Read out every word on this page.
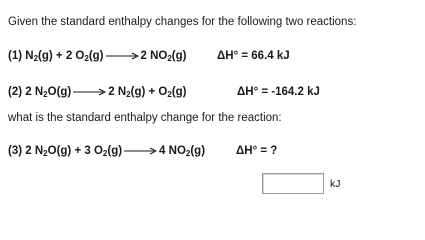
Given the standard enthalpy changes for the following two reactions:
(1) $N_2(g) + 2$ $O_2(g) \to 2$ $NO_2(g)$	ΔH° = 66.4 kJ
(2) 2 $N_2O(g) \to 2$ $N_2(g) + O_2(g)$	ΔH° = -164.2 kJ
what is the standard enthalpy change for the reaction:
(3) 2 $N_2O(g) + 3$ $O_2(g) \to 4$ $NO_2(g)$	ΔH° = ?
kJ
